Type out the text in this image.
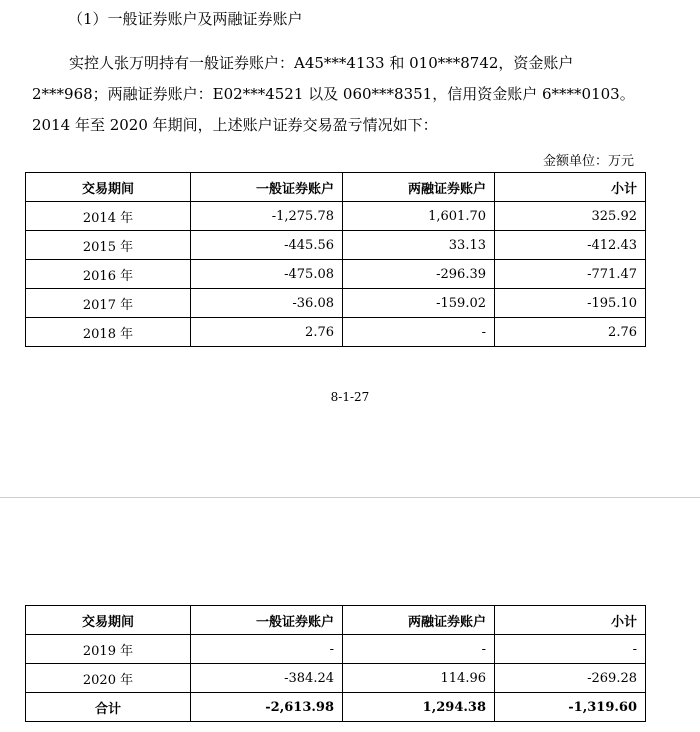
（1）一般证券账户及两融证券账户
实控人张万明持有一般证券账户：A45***4133 和 010***8742，资金账户
2***968；两融证券账户：E02***4521 以及 060***8351，信用资金账户 6****0103。
2014 年至 2020 年期间，上述账户证券交易盈亏情况如下：
金额单位：万元
交易期间	一般证券账户	两融证券账户	小计
2014 年	-1,275.78	1,601.70	325.92
2015 年	-445.56	33.13	-412.43
2016 年	-475.08	-296.39	-771.47
2017 年	-36.08	-159.02	-195.10
2018 年	2.76	-	2.76
8-1-27
交易期间	一般证券账户	两融证券账户	小计
2019 年	-	-	-
2020 年	-384.24	114.96	-269.28
合计	-2,613.98	1,294.38	-1,319.60
